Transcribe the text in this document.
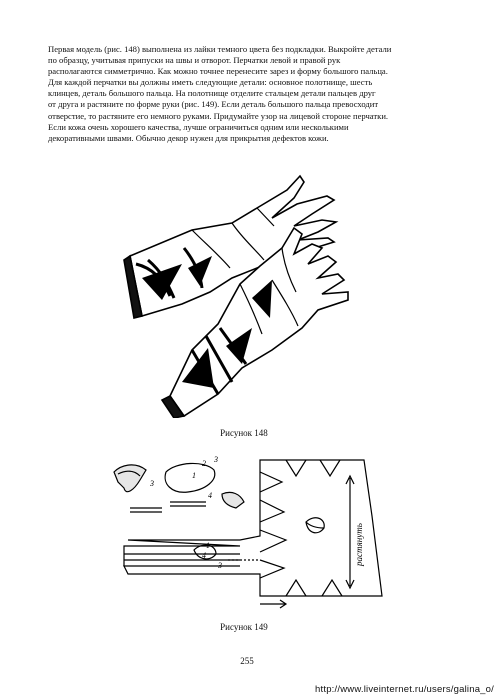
Первая модель (рис. 148) выполнена из лайки темного цвета без подкладки. Выкройте детали
по образцу, учитывая припуски на швы и отворот. Перчатки левой и правой рук
располагаются симметрично. Как можно точнее перенесите зарез и форму большого пальца.
Для каждой перчатки вы должны иметь следующие детали: основное полотнище, шесть
клинцев, деталь большого пальца. На полотнище отделите стальцем детали пальцев друг
от друга и растяните по форме руки (рис. 149). Если деталь большого пальца превосходит
отверстие, то растяните его немного руками. Придумайте узор на лицевой стороне перчатки.
Если кожа очень хорошего качества, лучше ограничиться одним или несколькими
декоративными швами. Обычно декор нужен для прикрытия дефектов кожи.

Рисунок 148
1
2 3
3
4
4
1
3	растянуть
Рисунок 149
255
http://www.liveinternet.ru/users/galina_o/
